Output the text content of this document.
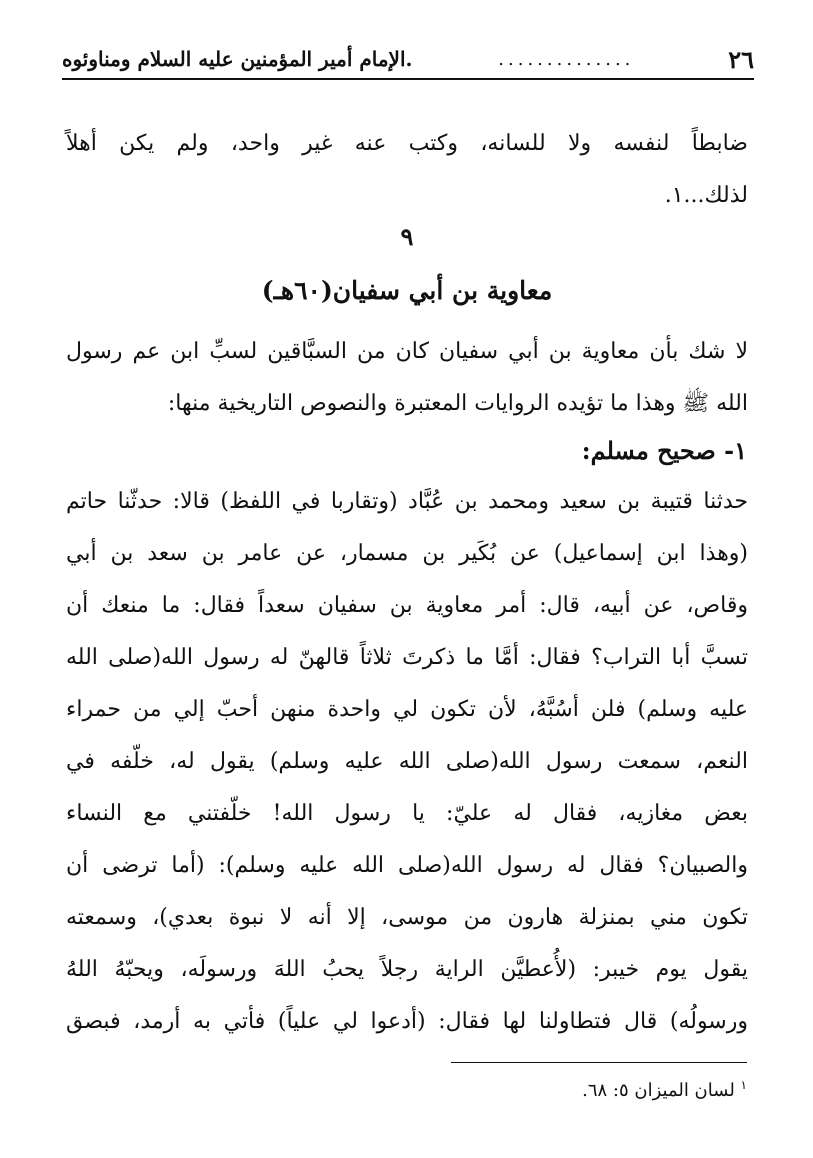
٢٦
..............
.الإمام أمير المؤمنين عليه السلام ومناوئوه
ضابطاً لنفسه ولا للسانه، وكتب عنه غير واحد، ولم يكن أهلاً
لذلك...١.
٩
معاوية بن أبي سفيان(٦٠هـ)
لا شك بأن معاوية بن أبي سفيان كان من السبَّاقين لسبِّ ابن عم رسول
الله ﷺ وهذا ما تؤيده الروايات المعتبرة والنصوص التاريخية منها:
١- صحيح مسلم:
حدثنا قتيبة بن سعيد ومحمد بن عُبَّاد (وتقاربا في اللفظ) قالا: حدثّنا حاتم
(وهذا ابن إسماعيل) عن بُكَير بن مسمار، عن عامر بن سعد بن أبي
وقاص، عن أبيه، قال: أمر معاوية بن سفيان سعداً فقال: ما منعك أن
تسبَّ أبا التراب؟ فقال: أمَّا ما ذكرتَ ثلاثاً قالهنّ له رسول الله(صلى الله
عليه وسلم) فلن أسُبَّهُ، لأن تكون لي واحدة منهن أحبّ إلي من حمراء
النعم، سمعت رسول الله(صلى الله عليه وسلم) يقول له، خلّفه في
بعض مغازيه، فقال له عليّ: يا رسول الله! خلّفتني مع النساء
والصبيان؟ فقال له رسول الله(صلى الله عليه وسلم): (أما ترضى أن
تكون مني بمنزلة هارون من موسى، إلا أنه لا نبوة بعدي)، وسمعته
يقول يوم خيبر: (لأُعطيَّن الراية رجلاً يحبُ اللهَ ورسولَه، ويحبّهُ اللهُ
ورسولُه) قال فتطاولنا لها فقال: (أدعوا لي علياً) فأتي به أرمد، فبصق
$^١$ لسان الميزان ٥: ٦٨.
